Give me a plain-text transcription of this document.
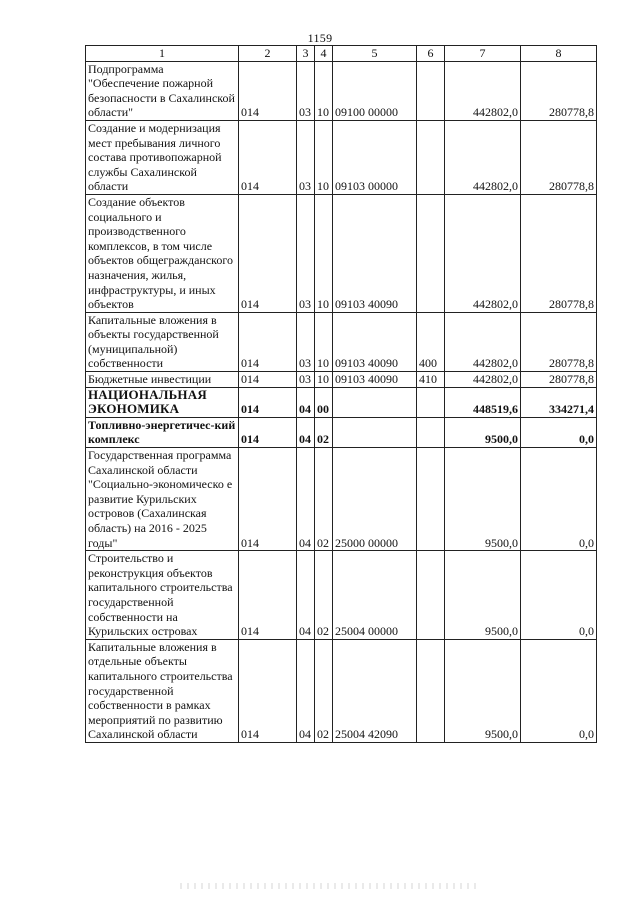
1159
1	2	3	4	5	6	7	8
Подпрограмма "Обеспечение пожарной безопасности в Сахалинской области"	014	03	10	09100 00000		442802,0	280778,8
Создание и модернизация мест пребывания личного состава противопожарной службы Сахалинской области	014	03	10	09103 00000		442802,0	280778,8
Создание объектов социального и производственного комплексов, в том числе объектов общегражданского назначения, жилья, инфраструктуры, и иных объектов	014	03	10	09103 40090		442802,0	280778,8
Капитальные вложения в объекты государственной (муниципальной) собственности	014	03	10	09103 40090	400	442802,0	280778,8
Бюджетные инвестиции	014	03	10	09103 40090	410	442802,0	280778,8
НАЦИОНАЛЬНАЯ ЭКОНОМИКА	014	04	00			448519,6	334271,4
Топливно-энергетичес-кий комплекс	014	04	02			9500,0	0,0
Государственная программа Сахалинской области "Социально-экономическо е развитие Курильских островов (Сахалинская область) на 2016 - 2025 годы"	014	04	02	25000 00000		9500,0	0,0
Строительство и реконструкция объектов капитального строительства государственной собственности на Курильских островах	014	04	02	25004 00000		9500,0	0,0
Капитальные вложения в отдельные объекты капитального строительства государственной собственности в рамках мероприятий по развитию Сахалинской области	014	04	02	25004 42090		9500,0	0,0
